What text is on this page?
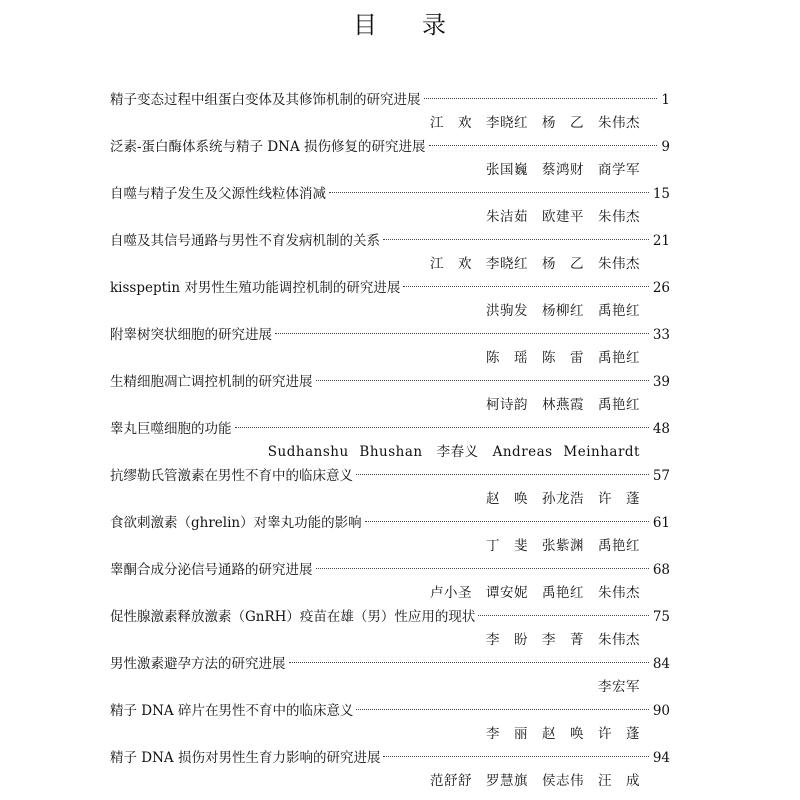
目 录
精子变态过程中组蛋白变体及其修饰机制的研究进展	1
江　欢　李晓红　杨　乙　朱伟杰
泛素-蛋白酶体系统与精子 DNA 损伤修复的研究进展	9
张国巍　蔡鸿财　商学军
自噬与精子发生及父源性线粒体消减	15
朱洁茹　欧建平　朱伟杰
自噬及其信号通路与男性不育发病机制的关系	21
江　欢　李晓红　杨　乙　朱伟杰
kisspeptin 对男性生殖功能调控机制的研究进展	26
洪驹发　杨柳红　禹艳红
附睾树突状细胞的研究进展	33
陈　瑶　陈　雷　禹艳红
生精细胞凋亡调控机制的研究进展	39
柯诗韵　林燕霞　禹艳红
睾丸巨噬细胞的功能	48
Sudhanshu Bhushan　李春义　Andreas Meinhardt
抗缪勒氏管激素在男性不育中的临床意义	57
赵　唤　孙龙浩　许　蓬
食欲刺激素（ghrelin）对睾丸功能的影响	61
丁　斐　张紫渊　禹艳红
睾酮合成分泌信号通路的研究进展	68
卢小圣　谭安妮　禹艳红　朱伟杰
促性腺激素释放激素（GnRH）疫苗在雄（男）性应用的现状	75
李　盼　李　菁　朱伟杰
男性激素避孕方法的研究进展	84
李宏军
精子 DNA 碎片在男性不育中的临床意义	90
李　丽　赵　唤　许　蓬
精子 DNA 损伤对男性生育力影响的研究进展	94
范舒舒　罗慧旗　侯志伟　汪　成
